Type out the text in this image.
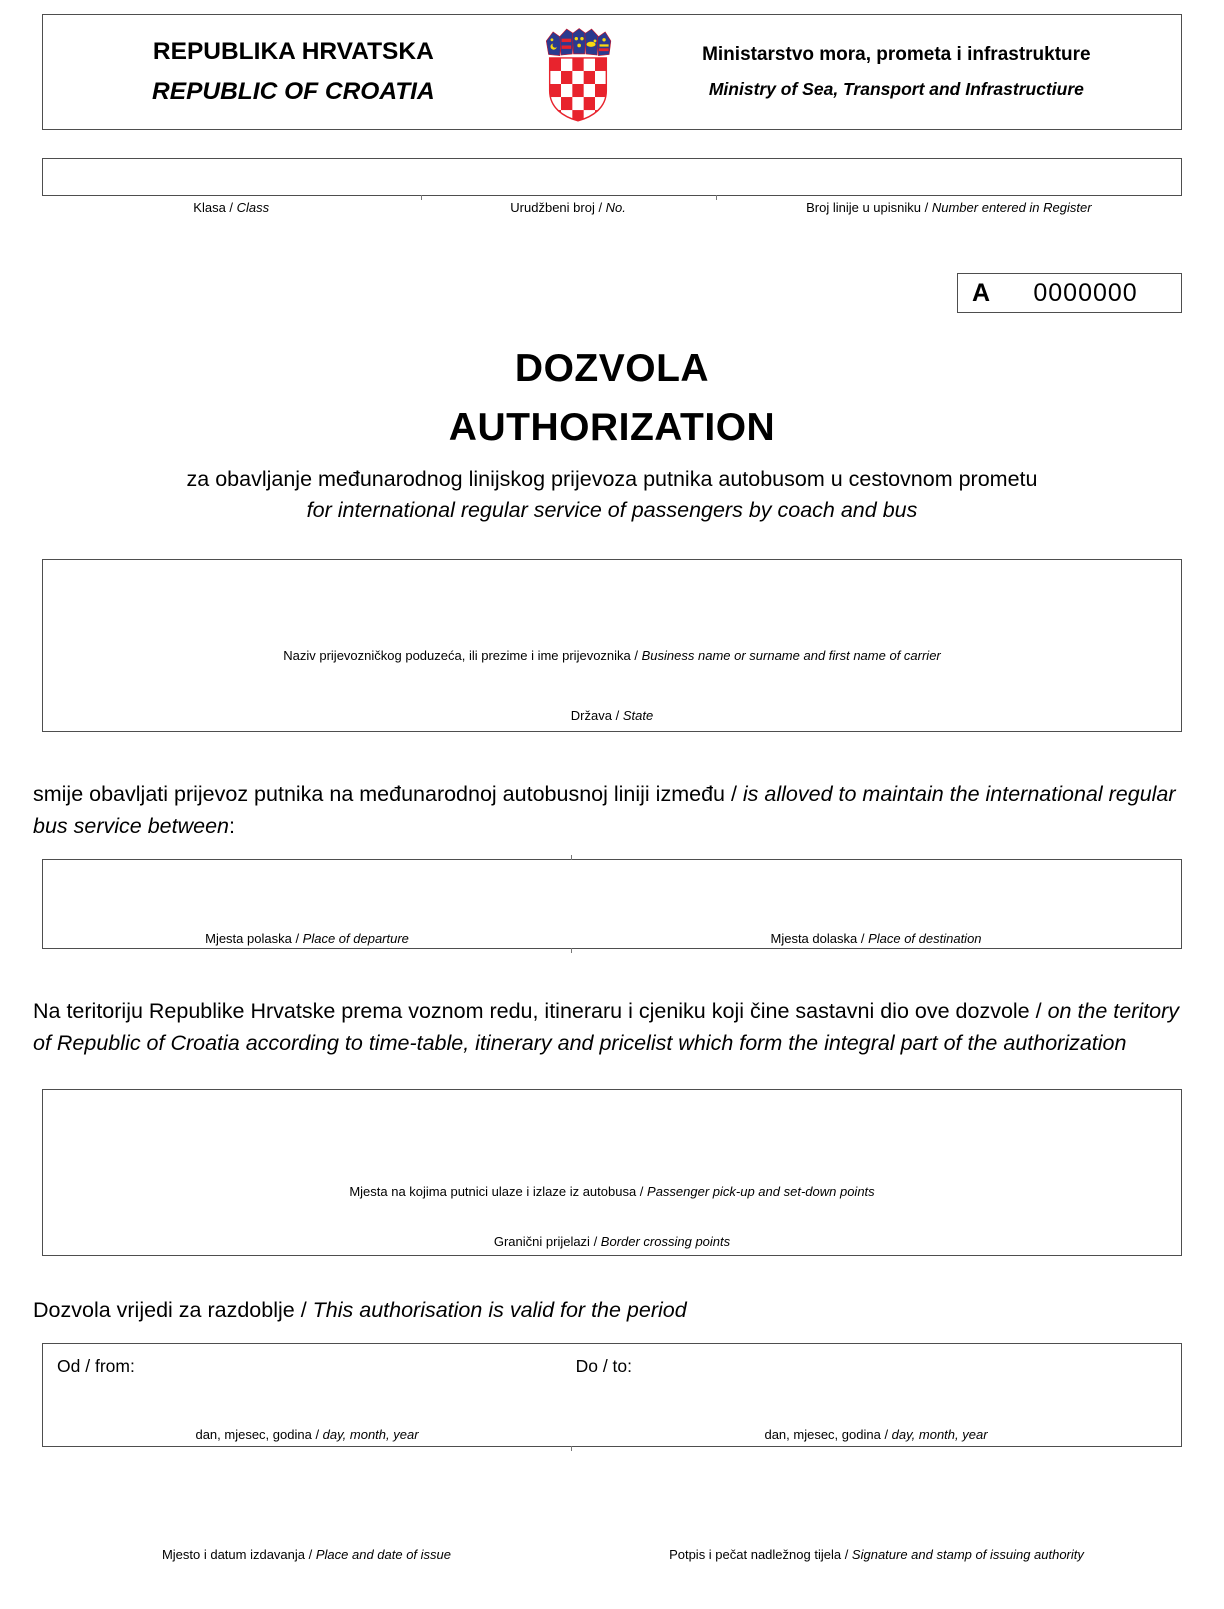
REPUBLIKA HRVATSKA
REPUBLIC OF CROATIA
Ministarstvo mora, prometa i infrastrukture
Ministry of Sea, Transport and Infrastructiure
Klasa / Class	Urudžbeni broj / No.	Broj linije u upisniku / Number entered in Register
A	0000000
DOZVOLA
AUTHORIZATION
za obavljanje međunarodnog linijskog prijevoza putnika autobusom u cestovnom prometu
for international regular service of passengers by coach and bus
Naziv prijevozničkog poduzeća, ili prezime i ime prijevoznika / Business name or surname and first name of carrier
Država / State

smije obavljati prijevoz putnika na međunarodnoj autobusnoj liniji između / is alloved to maintain the international regular bus service between:

Mjesta polaska / Place of departure	Mjesta dolaska / Place of destination

Na teritoriju Republike Hrvatske prema voznom redu, itineraru i cjeniku koji čine sastavni dio ove dozvole / on the teritory of Republic of Croatia according to time-table, itinerary and pricelist which form the integral part of the authorization

Mjesta na kojima putnici ulaze i izlaze iz autobusa / Passenger pick-up and set-down points
Granični prijelazi / Border crossing points

Dozvola vrijedi za razdoblje / This authorisation is valid for the period

Od / from:	Do / to:
dan, mjesec, godina / day, month, year	dan, mjesec, godina / day, month, year
Mjesto i datum izdavanja / Place and date of issue	Potpis i pečat nadležnog tijela / Signature and stamp of issuing authority
